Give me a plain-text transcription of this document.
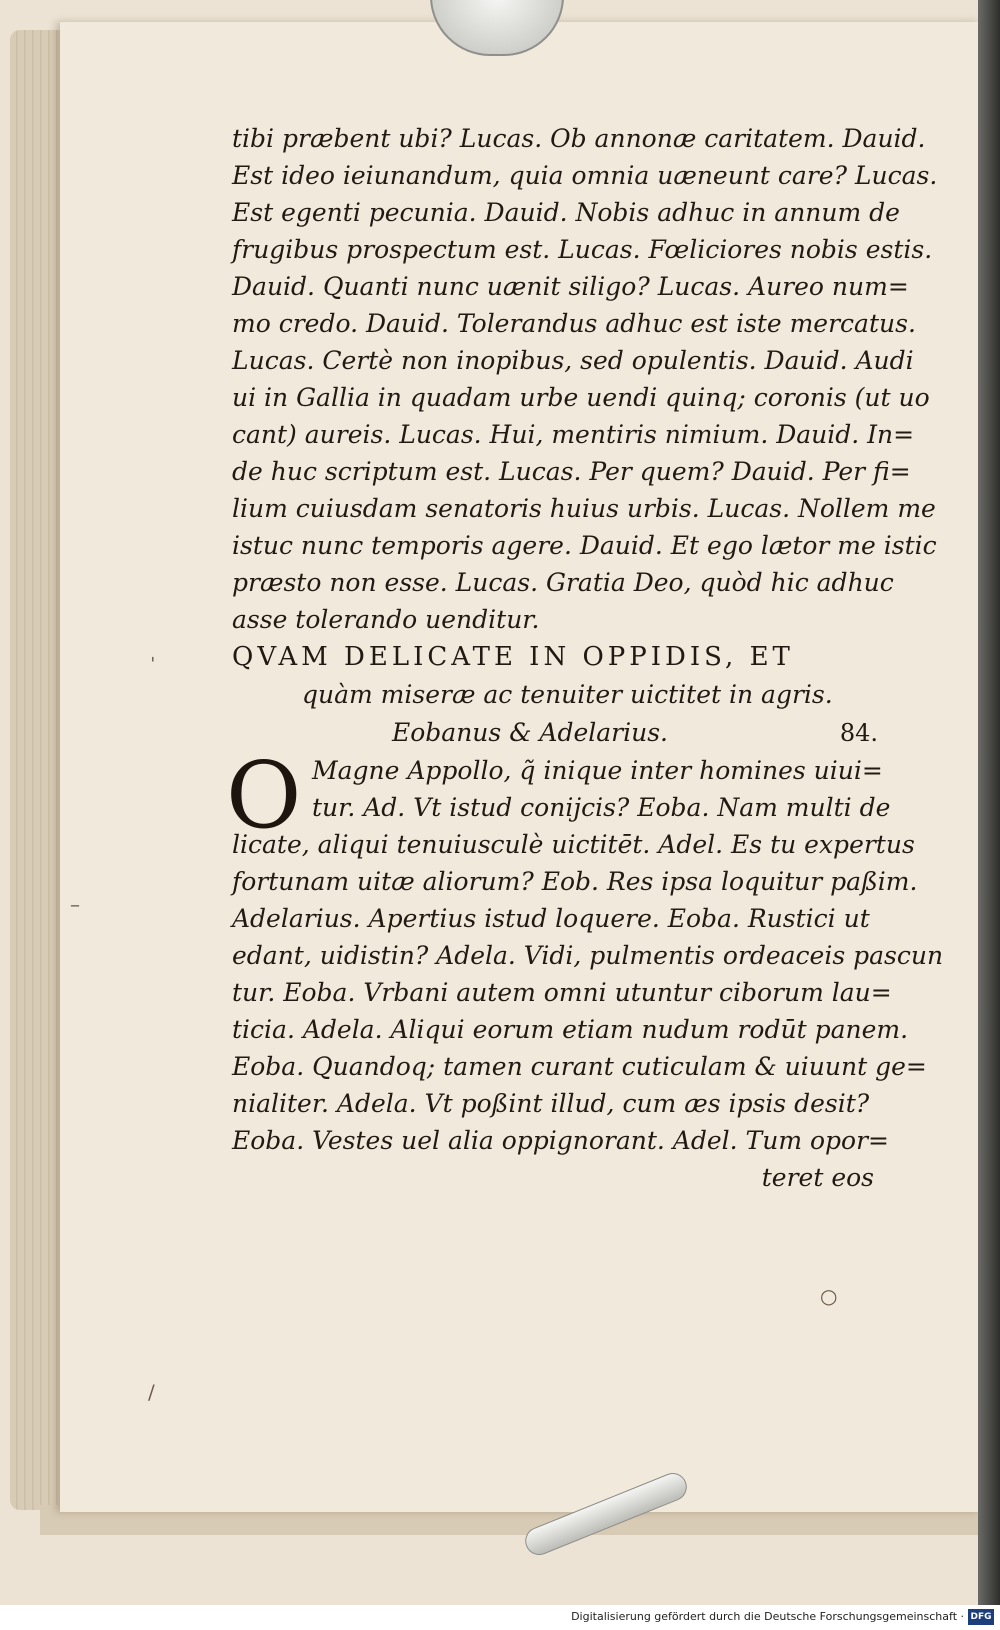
tibi præbent ubi? Lucas. Ob annonæ caritatem. Dauid.
Est ideo ieiunandum, quia omnia uæneunt care? Lucas.
Est egenti pecunia. Dauid. Nobis adhuc in annum de
frugibus prospectum est. Lucas. Fœliciores nobis estis.
Dauid. Quanti nunc uænit siligo? Lucas. Aureo num=
mo credo. Dauid. Tolerandus adhuc est iste mercatus.
Lucas. Certè non inopibus, sed opulentis. Dauid. Audi
ui in Gallia in quadam urbe uendi quinq; coronis (ut uo
cant) aureis. Lucas. Hui, mentiris nimium. Dauid. In=
de huc scriptum est. Lucas. Per quem? Dauid. Per fi=
lium cuiusdam senatoris huius urbis. Lucas. Nollem me
istuc nunc temporis agere. Dauid. Et ego lætor me istic
præsto non esse. Lucas. Gratia Deo, quòd hic adhuc
asse tolerando uenditur.
QVAM DELICATE IN OPPIDIS, ET
quàm miseræ ac tenuiter uictitet in agris.
Eobanus & Adelarius.	84.
O Magne Appollo, q̃ inique inter homines uiui=
tur. Ad. Vt istud conijcis? Eoba. Nam multi de
licate, aliqui tenuiusculè uictitēt. Adel. Es tu expertus
fortunam uitæ aliorum? Eob. Res ipsa loquitur paßim.
Adelarius. Apertius istud loquere. Eoba. Rustici ut
edant, uidistin? Adela. Vidi, pulmentis ordeaceis pascun
tur. Eoba. Vrbani autem omni utuntur ciborum lau=
ticia. Adela. Aliqui eorum etiam nudum rodūt panem.
Eoba. Quandoq; tamen curant cuticulam & uiuunt ge=
nialiter. Adela. Vt poßint illud, cum æs ipsis desit?
Eoba. Vestes uel alia oppignorant. Adel. Tum opor=
teret eos
ˌ
–
/
○
Digitalisierung gefördert durch die Deutsche Forschungsgemeinschaft · DFG
